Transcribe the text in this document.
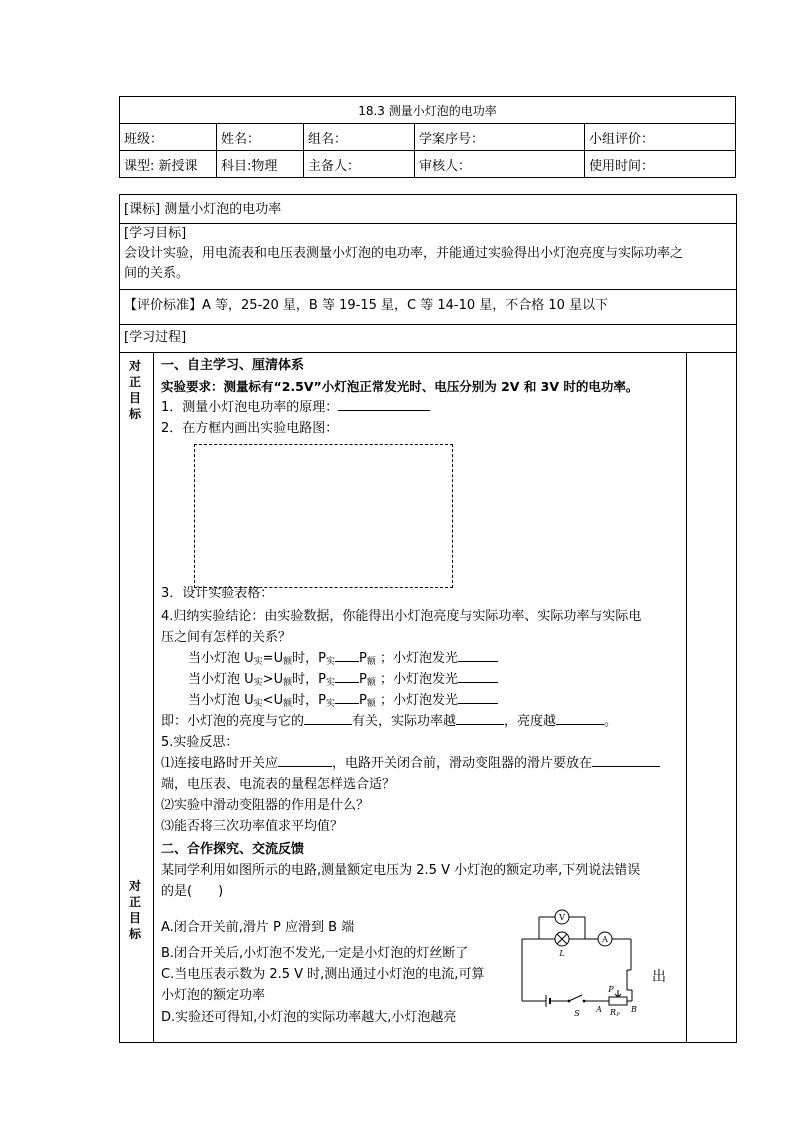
18.3 测量小灯泡的电功率				
班级：	姓名：	组名：	学案序号：	小组评价：
课型: 新授课	科目:物理	主备人：	审核人：	使用时间：
[课标] 测量小灯泡的电功率
[学习目标]
会设计实验，用电流表和电压表测量小灯泡的电功率，并能通过实验得出小灯泡亮度与实际功率之
间的关系。
【评价标准】A 等，25-20 星，B 等 19-15 星，C 等 14-10 星，不合格 10 星以下
[学习过程]
对
正
目
标
对
正
目
标
一、自主学习、厘清体系
实验要求：测量标有“2.5V”小灯泡正常发光时、电压分别为 2V 和 3V 时的电功率。
1．测量小灯泡电功率的原理：
2．在方框内画出实验电路图：
3．设计实验表格：
4.归纳实验结论：由实验数据，你能得出小灯泡亮度与实际功率、实际功率与实际电
压之间有怎样的关系？
当小灯泡 $U_实=U_额$时，$P_实$ $P_额$ ；小灯泡发光
当小灯泡 $U_实>U_额$时，$P_实$ $P_额$ ；小灯泡发光
当小灯泡 $U_实<U_额$时，$P_实$ $P_额$ ；小灯泡发光
即：小灯泡的亮度与它的	有关，实际功率越	，亮度越	。
5.实验反思：
⑴连接电路时开关应	，电路开关闭合前，滑动变阻器的滑片要放在
端，电压表、电流表的量程怎样选合适？
⑵实验中滑动变阻器的作用是什么？
⑶能否将三次功率值求平均值？
二、合作探究、交流反馈
某同学利用如图所示的电路,测量额定电压为 2.5 V 小灯泡的额定功率,下列说法错误
的是(　　)
A.闭合开关前,滑片 P 应滑到 B 端
B.闭合开关后,小灯泡不发光,一定是小灯泡的灯丝断了
C.当电压表示数为 2.5 V 时,测出通过小灯泡的电流,可算
小灯泡的额定功率
出
D.实验还可得知,小灯泡的实际功率越大,小灯泡越亮
V
A
L
S
P
A	B
R P
